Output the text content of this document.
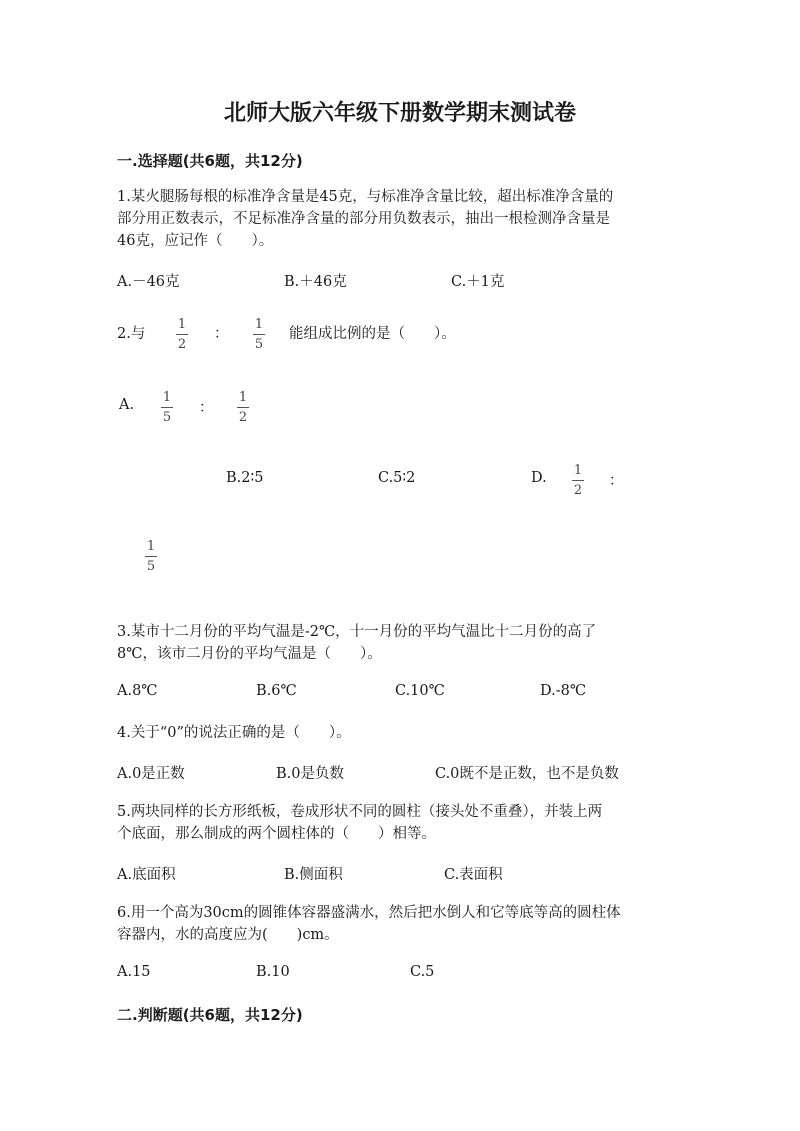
北师大版六年级下册数学期末测试卷
一.选择题(共6题，共12分)
1.某火腿肠每根的标准净含量是45克，与标准净含量比较，超出标准净含量的
部分用正数表示，不足标准净含量的部分用负数表示，抽出一根检测净含量是
46克，应记作（　　）。
A.－46克	B.＋46克	C.＋1克
2.与
1
2
：
1
5
能组成比例的是（　　）。
A. 1
5
：
1
2
B.2∶5	C.5∶2	D. 1
2
：
1
5
3.某市十二月份的平均气温是-2℃，十一月份的平均气温比十二月份的高了
8℃，该市二月份的平均气温是（　　）。
A.8℃	B.6℃	C.10℃	D.-8℃
4.关于“0”的说法正确的是（　　）。
A.0是正数	B.0是负数	C.0既不是正数，也不是负数
5.两块同样的长方形纸板，卷成形状不同的圆柱（接头处不重叠），并装上两
个底面，那么制成的两个圆柱体的（　　）相等。
A.底面积	B.侧面积	C.表面积
6.用一个高为30cm的圆锥体容器盛满水，然后把水倒人和它等底等高的圆柱体
容器内，水的高度应为(　　)cm。
A.15	B.10	C.5
二.判断题(共6题，共12分)
